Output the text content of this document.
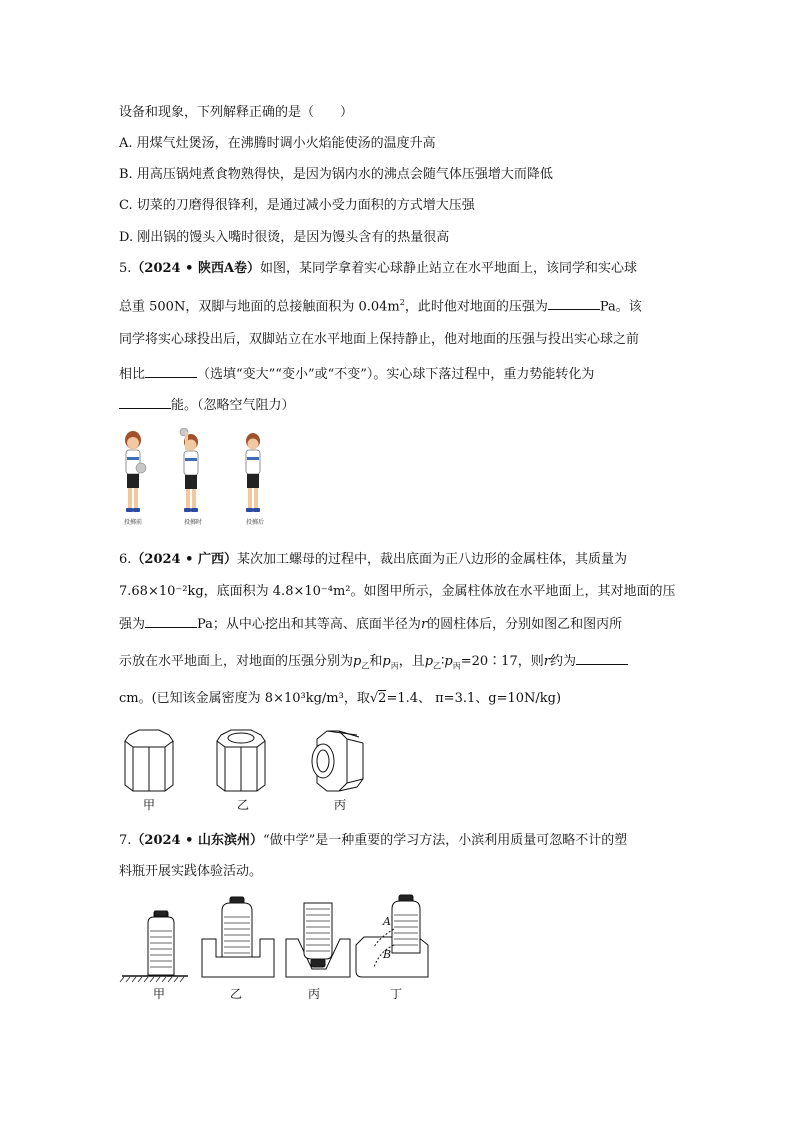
设备和现象，下列解释正确的是（　　）
A. 用煤气灶煲汤，在沸腾时调小火焰能使汤的温度升高
B. 用高压锅炖煮食物熟得快，是因为锅内水的沸点会随气体压强增大而降低
C. 切菜的刀磨得很锋利，是通过减小受力面积的方式增大压强
D. 刚出锅的馒头入嘴时很烫，是因为馒头含有的热量很高
5.（2024 • 陕西A卷）如图，某同学拿着实心球静止站立在水平地面上，该同学和实心球
总重 500N，双脚与地面的总接触面积为 $0.04m^2$，此时他对地面的压强为	Pa。该
同学将实心球投出后，双脚站立在水平地面上保持静止，他对地面的压强与投出实心球之前
相比	（选填“变大”“变小”或“不变”）。实心球下落过程中，重力势能转化为
能。（忽略空气阻力）
投掷前	投掷时	投掷后
6.（2024 • 广西）某次加工螺母的过程中，裁出底面为正八边形的金属柱体，其质量为
7.68×10⁻²kg，底面积为 4.8×10⁻⁴m²。如图甲所示，金属柱体放在水平地面上，其对地面的压
强为	Pa；从中心挖出和其等高、底面半径为r的圆柱体后，分别如图乙和图丙所
示放在水平地面上，对地面的压强分别为$p_乙$和$p_丙$，且$p_乙∶p_丙=20∶17$，则r约为
cm。(已知该金属密度为 8×10³kg/m³，取√2=1.4、 π=3.1、g=10N/kg)
甲	乙	丙
7.（2024 • 山东滨州）“做中学”是一种重要的学习方法，小滨利用质量可忽略不计的塑
料瓶开展实践体验活动。
A
B
甲	乙	丙	丁
